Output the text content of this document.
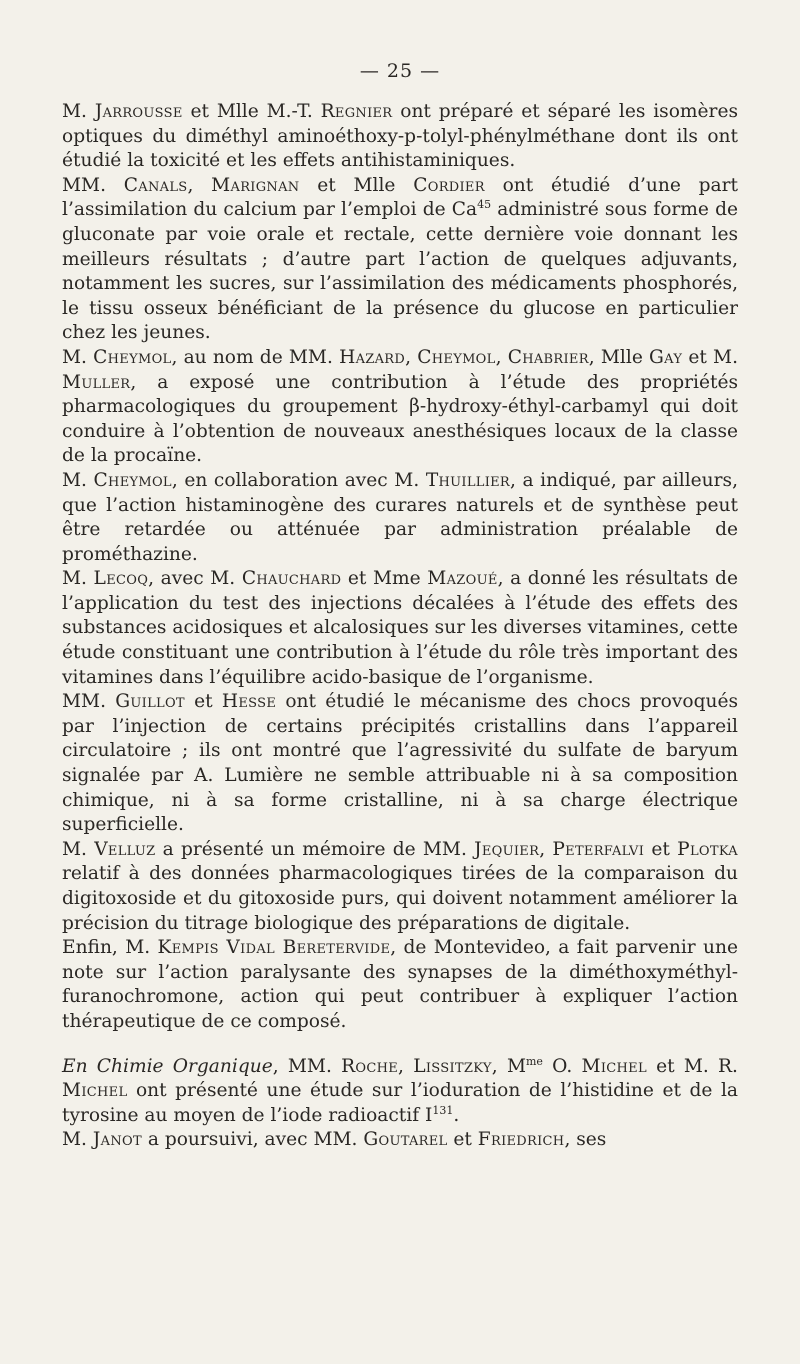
— 25 —

M. Jarrousse et Mlle M.-T. Regnier ont préparé et séparé les isomères optiques du diméthyl aminoéthoxy-p-tolyl-phénylméthane dont ils ont étudié la toxicité et les effets antihistaminiques.

MM. Canals, Marignan et Mlle Cordier ont étudié d’une part l’assimilation du calcium par l’emploi de Ca$^{45}$ administré sous forme de gluconate par voie orale et rectale, cette dernière voie donnant les meilleurs résultats ; d’autre part l’action de quelques adjuvants, notamment les sucres, sur l’assimilation des médicaments phosphorés, le tissu osseux bénéficiant de la présence du glucose en particulier chez les jeunes.

M. Cheymol, au nom de MM. Hazard, Cheymol, Chabrier, Mlle Gay et M. Muller, a exposé une contribution à l’étude des propriétés pharmacologiques du groupement β-hydroxy-éthyl-carbamyl qui doit conduire à l’obtention de nouveaux anesthésiques locaux de la classe de la procaïne.

M. Cheymol, en collaboration avec M. Thuillier, a indiqué, par ailleurs, que l’action histaminogène des curares naturels et de synthèse peut être retardée ou atténuée par administration préalable de prométhazine.

M. Lecoq, avec M. Chauchard et Mme Mazoué, a donné les résultats de l’application du test des injections décalées à l’étude des effets des substances acidosiques et alcalosiques sur les diverses vitamines, cette étude constituant une contribution à l’étude du rôle très important des vitamines dans l’équilibre acido-basique de l’organisme.

MM. Guillot et Hesse ont étudié le mécanisme des chocs provoqués par l’injection de certains précipités cristallins dans l’appareil circulatoire ; ils ont montré que l’agressivité du sulfate de baryum signalée par A. Lumière ne semble attribuable ni à sa composition chimique, ni à sa forme cristalline, ni à sa charge électrique superficielle.

M. Velluz a présenté un mémoire de MM. Jequier, Peterfalvi et Plotka relatif à des données pharmacologiques tirées de la comparaison du digitoxoside et du gitoxoside purs, qui doivent notamment améliorer la précision du titrage biologique des préparations de digitale.

Enfin, M. Kempis Vidal Beretervide, de Montevideo, a fait parvenir une note sur l’action paralysante des synapses de la diméthoxyméthyl-furanochromone, action qui peut contribuer à expliquer l’action thérapeutique de ce composé.

En Chimie Organique, MM. Roche, Lissitzky, $M^{me}$ O. Michel et M. R. Michel ont présenté une étude sur l’ioduration de l’histidine et de la tyrosine au moyen de l’iode radioactif $I^{131}$.

M. Janot a poursuivi, avec MM. Goutarel et Friedrich, ses
